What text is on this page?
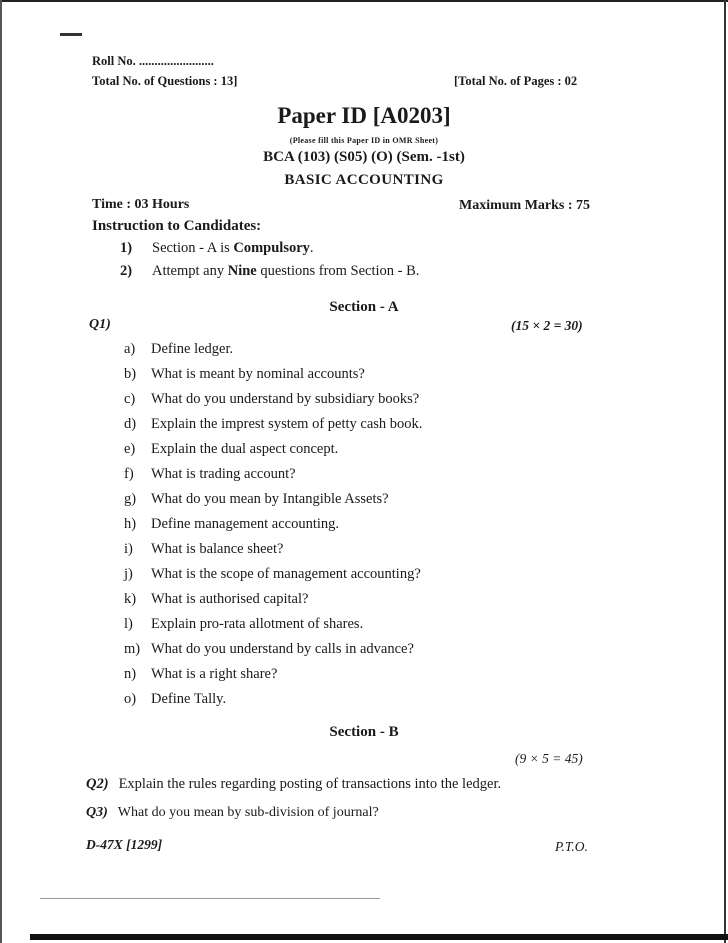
Roll No. ........................
Total No. of Questions : 13]	[Total No. of Pages : 02
Paper ID [A0203]
(Please fill this Paper ID in OMR Sheet)
BCA (103) (S05) (O) (Sem. -1st)
BASIC ACCOUNTING
Time : 03 Hours	Maximum Marks : 75
Instruction to Candidates:
1) Section - A is Compulsory.
2) Attempt any Nine questions from Section - B.
Section - A
Q1)	(15 × 2 = 30)
a) Define ledger.
b) What is meant by nominal accounts?
c) What do you understand by subsidiary books?
d) Explain the imprest system of petty cash book.
e) Explain the dual aspect concept.
f) What is trading account?
g) What do you mean by Intangible Assets?
h) Define management accounting.
i) What is balance sheet?
j) What is the scope of management accounting?
k) What is authorised capital?
l) Explain pro-rata allotment of shares.
m) What do you understand by calls in advance?
n) What is a right share?
o) Define Tally.
Section - B
(9 × 5 = 45)
Q2) Explain the rules regarding posting of transactions into the ledger.
Q3) What do you mean by sub-division of journal?
D-47X [1299]	P.T.O.
